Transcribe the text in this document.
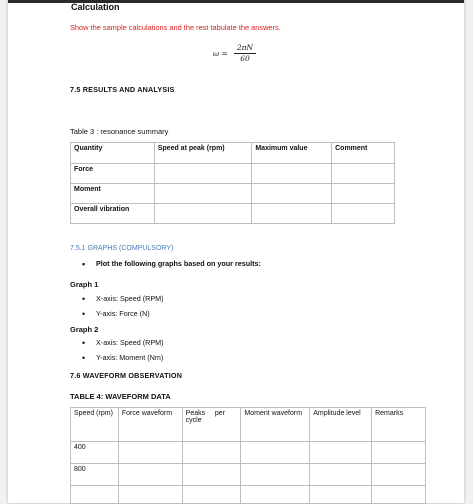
Calculation
Show the sample calculations and the rest tabulate the answers.
$\omega = \frac{2\pi N}{60}$
7.5 RESULTS AND ANALYSIS
Table 3 : resonance summary
Quantity	Speed at peak (rpm)	Maximum value	Comment
Force			
Moment			
Overall vibration			
7.5.1 GRAPHS (COMPULSORY)
• Plot the following graphs based on your results:
Graph 1
• X-axis: Speed (RPM)
• Y-axis: Force (N)
Graph 2
• X-axis: Speed (RPM)
• Y-axis: Moment (Nm)
7.6 WAVEFORM OBSERVATION
TABLE 4: WAVEFORM DATA
Speed (rpm)	Force waveform	Peaks     per cycle	Moment waveform	Amplitude level	Remarks
400					
800					
